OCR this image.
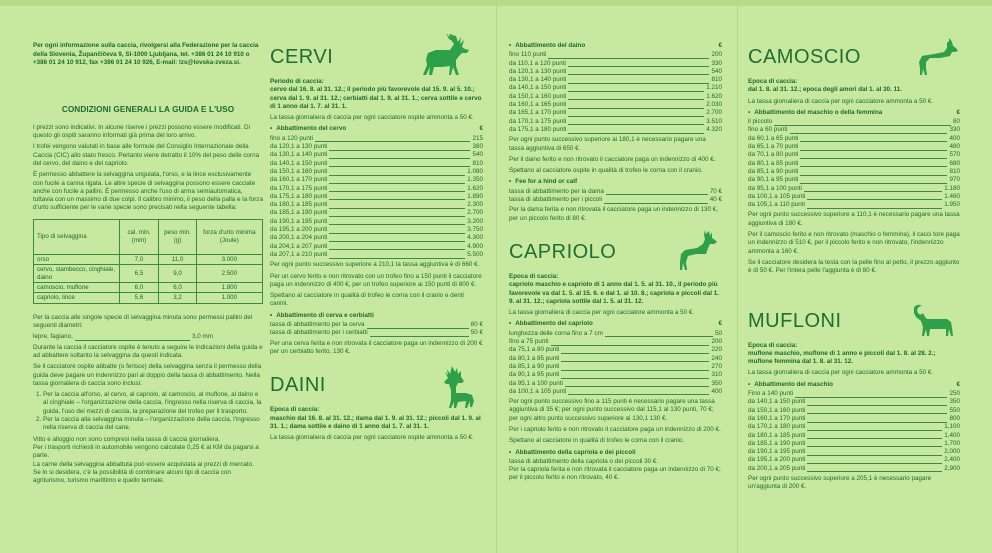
Per ogni informazione sulla caccia, rivolgersi alla Federazione per la caccia della Slovenia, Župančičeva 9, SI-1000 Ljubljana, tel. +386 01 24 10 910 o +386 01 24 10 912, fax +386 01 24 10 926, E-mail: lzs@lovska-zveza.si.
CONDIZIONI GENERALI LA GUIDA E L'USO

I prezzi sono indicativi. In alcune riserve i prezzi possono essere modificati. Di questo gli ospiti saranno informati già prima del loro arrivo.

I trofei vengono valutati in base alle formule del Consiglio Internazionale della Caccia (CIC) allo stato fresco. Pertanto viene detratto il 10% del peso delle corna del cervo, del daino e del capriolo.

È permesso abbattere la selvaggina ungulata, l'orso, e la lince esclusivamente con fucile a canna rigata. Le altre specie di selvaggina possono essere cacciate anche con fucile a pallini. È permesso anche l'uso di arma semiautomatica, tuttavia con un massimo di due colpi. Il calibro minimo, il peso della palla e la forza d'urto sufficiente per le varie specie sono precisati nella seguente tabella:

Tipo di selvaggina	cal. min. (mm)	peso min. (g)	forza d'urto minima (Joule)
orso	7,0	11,0	3.000
cervo, stambecco, cinghiale, daino	6,5	9,0	2.500
camoscio, muflone	6,0	6,0	1.800
capriolo, lince	5,6	3,2	1.000

Per la caccia alle singole specie di selvaggina minuta sono permessi pallini del seguenti diametri:

lepre, fagiano,	3,0 mm

Durante la caccia il cacciatore ospite è tenuto a seguire le indicazioni della guida e ad abbattere soltanto la selvaggina da questi indicata.

Se il cacciatore ospite abbatte (o ferisce) della selvaggina senza il permesso della guida deve pagare un indennizzo pari al doppio della tassa di abbattimento. Nella tassa giornaliera di caccia sono inclusi:

1. Per la caccia all'orso, al cervo, al capriolo, al camoscio, al muflone, al daino e al cinghiale – l'organizzazione della caccia, l'ingresso nella riserva di caccia, la guida, l'uso dei mezzi di caccia, la preparazione del trofeo per il trasporto.
2. Per la caccia alla selvaggina minuta – l'organizzazione della caccia, l'ingresso nella riserva di caccia del cane.

Vitto e alloggio non sono compresi nella tassa di caccia giornaliera.

Per i trasporti richiesti in automobile vengono calcolate 0,25 € al KM da pagarsi a parte.

La carne della selvaggina abbattuta può essere acquistata ai prezzi di mercato.

Se lo si desidera, c'è la possibilità di combinare alcuni tipi di caccia con agriturismo, turismo marittimo e quello termale.

CERVI
Periodo di caccia:

cervo dal 16. 8. al 31. 12.; il periodo più favorevole dal 15. 9. al 5. 10.; cerva dal 1. 9. al 31. 12.; cerbiatti dal 1. 9. al 31. 1.; cerva sottile e cervo di 1 anno dal 1. 7. al 31. 1.

La tassa giornaliera di caccia per ogni cacciatore ospite ammonta a 50 €.

• Abbattimento del cervo	€
fino a 120 punti	215
da 120,1 a 130 punti	380
da 130,1 a 140 punti	540
da 140,1 a 150 punti	810
da 150,1 a 160 punti	1.080
da 160,1 a 170 punti	1.350
da 170,1 a 175 punti	1.620
da 175,1 a 180 punti	1.890
da 180,1 a 185 punti	2.300
da 185,1 a 190 punti	2.700
da 190,1 a 195 punti	3.200
da 195,1 a 200 punti	3.750
da 200,1 a 204 punti	4.300
da 204,1 a 207 punti	4.900
da 207,1 a 210 punti	5.500

Per ogni punto successivo superiore a 210,1 la tassa aggiuntiva è di 660 €.

Per un cervo ferito e non ritrovato con un trofeo fino a 150 punti il cacciatore paga un indennizzo di 400 €, per un trofeo superiore ai 150 punti di 800 €.

Spettano al cacciatore in qualità di trofeo le corna con il cranio e denti canini.

• Abbattimento di cerva e cerbiatti
tassa di abbattimento per la cerva	80 €
tassa di abbattimento per i cerbiatti	50 €

Per una cerva ferita e non ritrovata il cacciatore paga un indennizzo di 200 € per un cerbiatto ferito, 130 €.

DAINI
Epoca di caccia:

maschio dal 16. 8. al 31. 12.; dama dal 1. 9. al 31. 12.; piccoli dal 1. 9. al 31. 1.; dama sottile e daino di 1 anno dal 1. 7. al 31. 1.

La tassa giornaliera di caccia per ogni cacciatore ospite ammonta a 50 €.

• Abbattimento del daino	€
fino 110 punti	200
da 110,1 a 120 punti	330
da 120,1 a 130 punti	540
da 130,1 a 140 punti	810
da 140,1 a 150 punti	1.210
da 150,1 a 160 punti	1.620
da 160,1 a 165 punti	2.030
da 165,1 a 170 punti	2.700
da 170,1 a 175 punti	3.510
da 175,1 a 180 punti	4.320

Per ogni punto successivo superiore ai 180,1 è necessario pagare una tassa aggiuntiva di 650 €.

Per il daino ferito e non ritrovato il cacciatore paga un indennizzo di 400 €.

Spettano al cacciatore ospite in qualità di trofeo le corna con il cranio.

• Fee for a hind or calf
tassa di abbattimento per la dama	70 €
tassa di abbattimento per i piccoli	40 €

Per la dama ferita e non ritrovata il cacciatore paga un indennizzo di 130 €, per un piccolo ferito di 80 €.

CAPRIOLO
Epoca di caccia:

capriolo maschio e capriolo di 1 anno dal 1. 5. al 31. 10., il periodo più favorevole va dal 1. 5. al 15. 6. e dal 1. al 10. 8.; capriola e piccoli dal 1. 9. al 31. 12.; capriola sottile dal 1. 5. al 31. 12.

La tassa giornaliera di caccia per ogni cacciatore ammonta a 50 €.

• Abbattimento del capriolo	€
lunghezza delle corna fino a 7 cm	50
fino a 75 punti	200
da 75,1 a 80 punti	220
da 80,1 a 85 punti	240
da 85,1 a 90 punti	270
da 90,1 a 95 punti	310
da 95,1 a 100 punti	350
da 100,1 a 105 punti	400

Per ogni punto successivo fino a 115 punti è necessario pagare una tassa aggiuntiva di 35 €; per ogni punto successivo dal 115,1 al 130 punti, 70 €; per ogni altro punto successivo superiore ai 130,1 130 €.

Per i capriolo ferito e non ritrovato il cacciatore paga un indennizzo di 200 €.

Spettano al cacciatore in qualità di trofeo le corna con il cranio.

• Abbattimento della capriola e dei piccoli

tassa di abbattimento della capriola o dei piccoli 30 €.

Per la capriola ferita e non ritrovata il cacciatore paga un indennizzo di 70 €; per il piccolo ferito e non ritrovato, 40 €.

CAMOSCIO
Epoca di caccia:

dal 1. 8. al 31. 12.; epoca degli amori dal 1. al 30. 11.

La tassa giornaliera di caccia per ogni cacciatore ammonta a 50 €.

• Abbattimento del maschio o della femmina	€
il piccolo	80
fino a 60 punti	330
da 60,1 a 65 punti	400
da 65,1 a 70 punti	480
da 70,1 a 80 punti	570
da 80,1 a 85 punti	680
da 85,1 a 90 punti	810
da 90,1 a 95 punti	970
da 95,1 a 100 punti	1.180
da 100,1 a 105 punti	1.460
da 105,1 a 110 punti	1.950

Per ogni punto successivo superiore a 110,1 è necessario pagare una tassa aggiuntiva di 180 €.

Per il camoscio ferito e non ritrovato (maschio o femmina), il cacci tore paga un indennizzo di 510 €, per il piccolo ferito e non ritrovato, l'indennizzo ammonta a 160 €.

Se il cacciatore desidera la testa con la pelle fino al petto, il prezzo aggiunto è di 50 €. Per l'intera pelle l'aggiunta è di 80 €.

MUFLONI
Epoca di caccia:

muflone maschio, muflone di 1 anno e piccoli dal 1. 8. al 28. 2.; muflone femmina dal 1. 8. al 31. 12.

La tassa giornaliera di caccia per ogni cacciatore ammonta a 50 €.

• Abbattimento del maschio	€
Fino a 140 punti	250
da 140,1 a 150 punti	350
da 150,1 a 160 punti	550
da 160,1 a 170 punti	800
da 170,1 a 180 punti	1,100
da 180,1 a 185 punti	1,400
da 185,1 a 190 punti	1,700
da 190,1 a 195 punti	2,000
da 195,1 a 200 punti	2,400
da 200,1 a 205 punti	2,900

Per ogni punto successivo superiore a 205,1 è necessario pagare un'aggiunta di 200 €.
